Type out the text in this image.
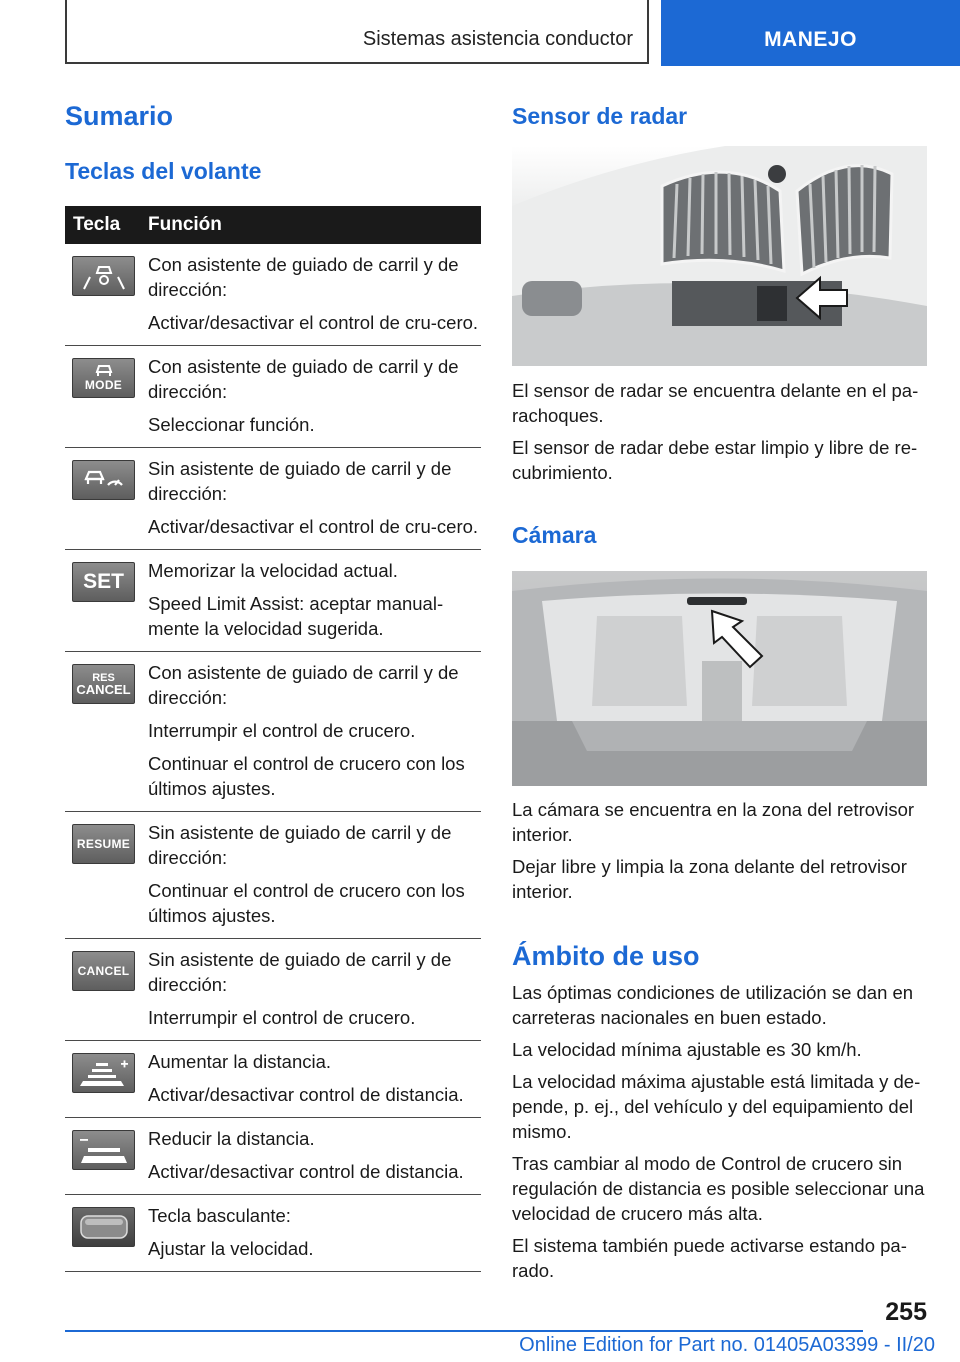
Sistemas asistencia conductor	MANEJO
Sumario
Teclas del volante
Tecla	Función

Con asistente de guiado de carril y de dirección:

Activar/desactivar el control de cru-cero.

MODE

Con asistente de guiado de carril y de dirección:

Seleccionar función.

Sin asistente de guiado de carril y de dirección:

Activar/desactivar el control de cru-cero.

SET Memorizar la velocidad actual.

Speed Limit Assist: aceptar manual-mente la velocidad sugerida.

RES
CANCEL

Con asistente de guiado de carril y de dirección:

Interrumpir el control de crucero.

Continuar el control de crucero con los últimos ajustes.

RESUME

Sin asistente de guiado de carril y de dirección:

Continuar el control de crucero con los últimos ajustes.

CANCEL

Sin asistente de guiado de carril y de dirección:

Interrumpir el control de crucero.

Aumentar la distancia.

Activar/desactivar control de distancia.

Reducir la distancia.

Activar/desactivar control de distancia.

Tecla basculante:

Ajustar la velocidad.

Sensor de radar

El sensor de radar se encuentra delante en el pa-rachoques.

El sensor de radar debe estar limpio y libre de re-cubrimiento.

Cámara

La cámara se encuentra en la zona del retrovisor interior.

Dejar libre y limpia la zona delante del retrovisor interior.

Ámbito de uso

Las óptimas condiciones de utilización se dan en carreteras nacionales en buen estado.

La velocidad mínima ajustable es 30 km/h.

La velocidad máxima ajustable está limitada y de-pende, p. ej., del vehículo y del equipamiento del mismo.

Tras cambiar al modo de Control de crucero sin regulación de distancia es posible seleccionar una velocidad de crucero más alta.

El sistema también puede activarse estando pa-rado.

255
Online Edition for Part no. 01405A03399 - II/20
